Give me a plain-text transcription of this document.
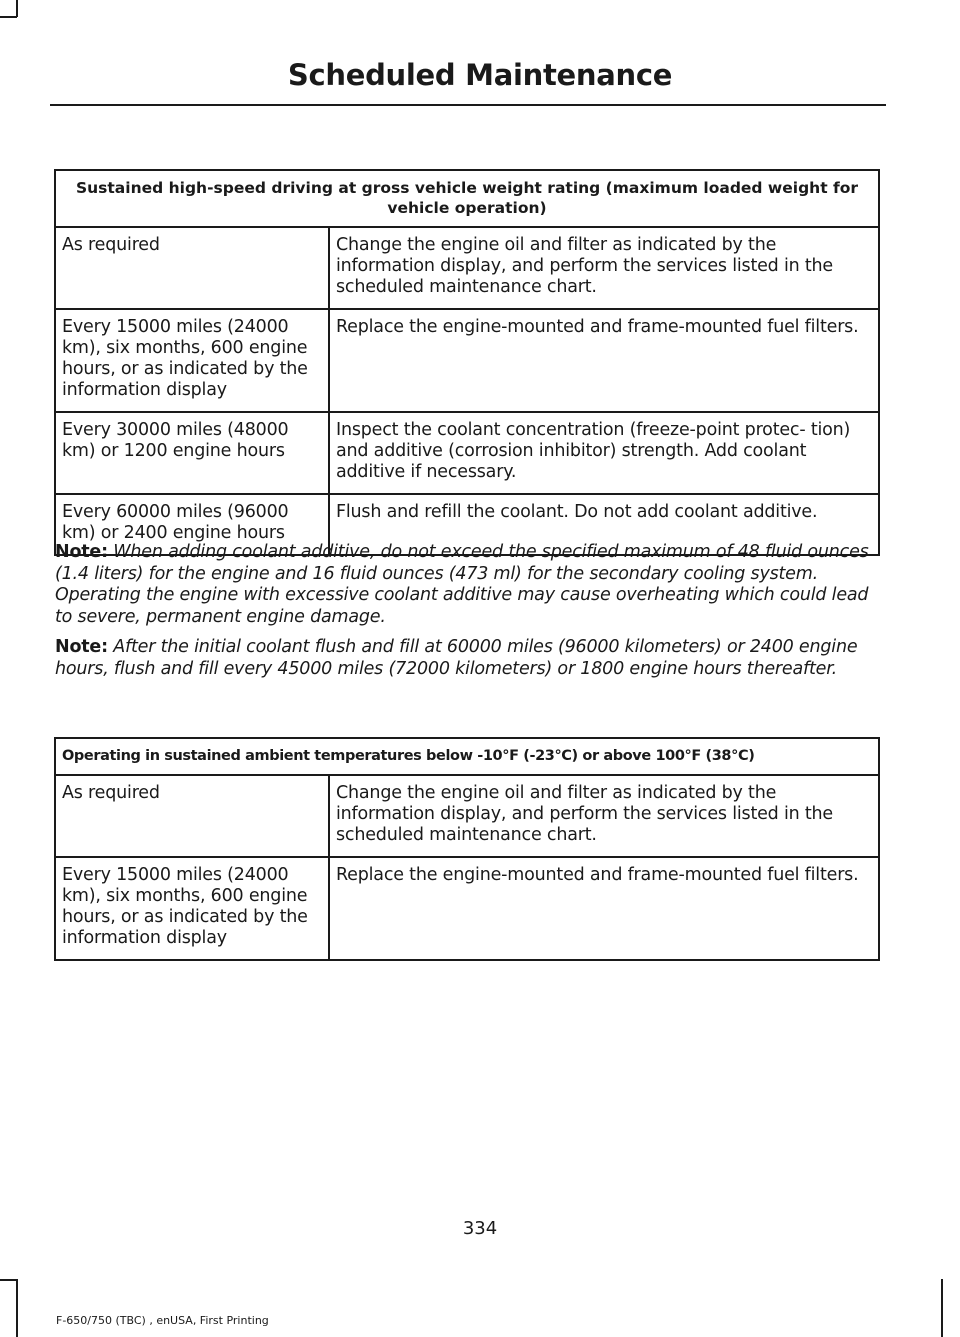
Scheduled Maintenance
Sustained high-speed driving at gross vehicle weight rating (maximum loaded weight for vehicle operation)	
As required	Change the engine oil and filter as indicated by the information display, and perform the services listed in the scheduled maintenance chart.
Every 15000 miles (24000 km), six months, 600 engine hours, or as indicated by the information display	Replace the engine-mounted and frame-mounted fuel filters.
Every 30000 miles (48000 km) or 1200 engine hours	Inspect the coolant concentration (freeze-point protec- tion) and additive (corrosion inhibitor) strength. Add coolant additive if necessary.
Every 60000 miles (96000 km) or 2400 engine hours	Flush and refill the coolant. Do not add coolant additive.
Note: When adding coolant additive, do not exceed the specified maximum of 48 fluid ounces (1.4 liters) for the engine and 16 fluid ounces (473 ml) for the secondary cooling system. Operating the engine with excessive coolant additive may cause overheating which could lead to severe, permanent engine damage.
Note: After the initial coolant flush and fill at 60000 miles (96000 kilometers) or 2400 engine hours, flush and fill every 45000 miles (72000 kilometers) or 1800 engine hours thereafter.
Operating in sustained ambient temperatures below -10°F (-23°C) or above 100°F (38°C)	
As required	Change the engine oil and filter as indicated by the information display, and perform the services listed in the scheduled maintenance chart.
Every 15000 miles (24000 km), six months, 600 engine hours, or as indicated by the information display	Replace the engine-mounted and frame-mounted fuel filters.
334
F-650/750 (TBC) , enUSA, First Printing
